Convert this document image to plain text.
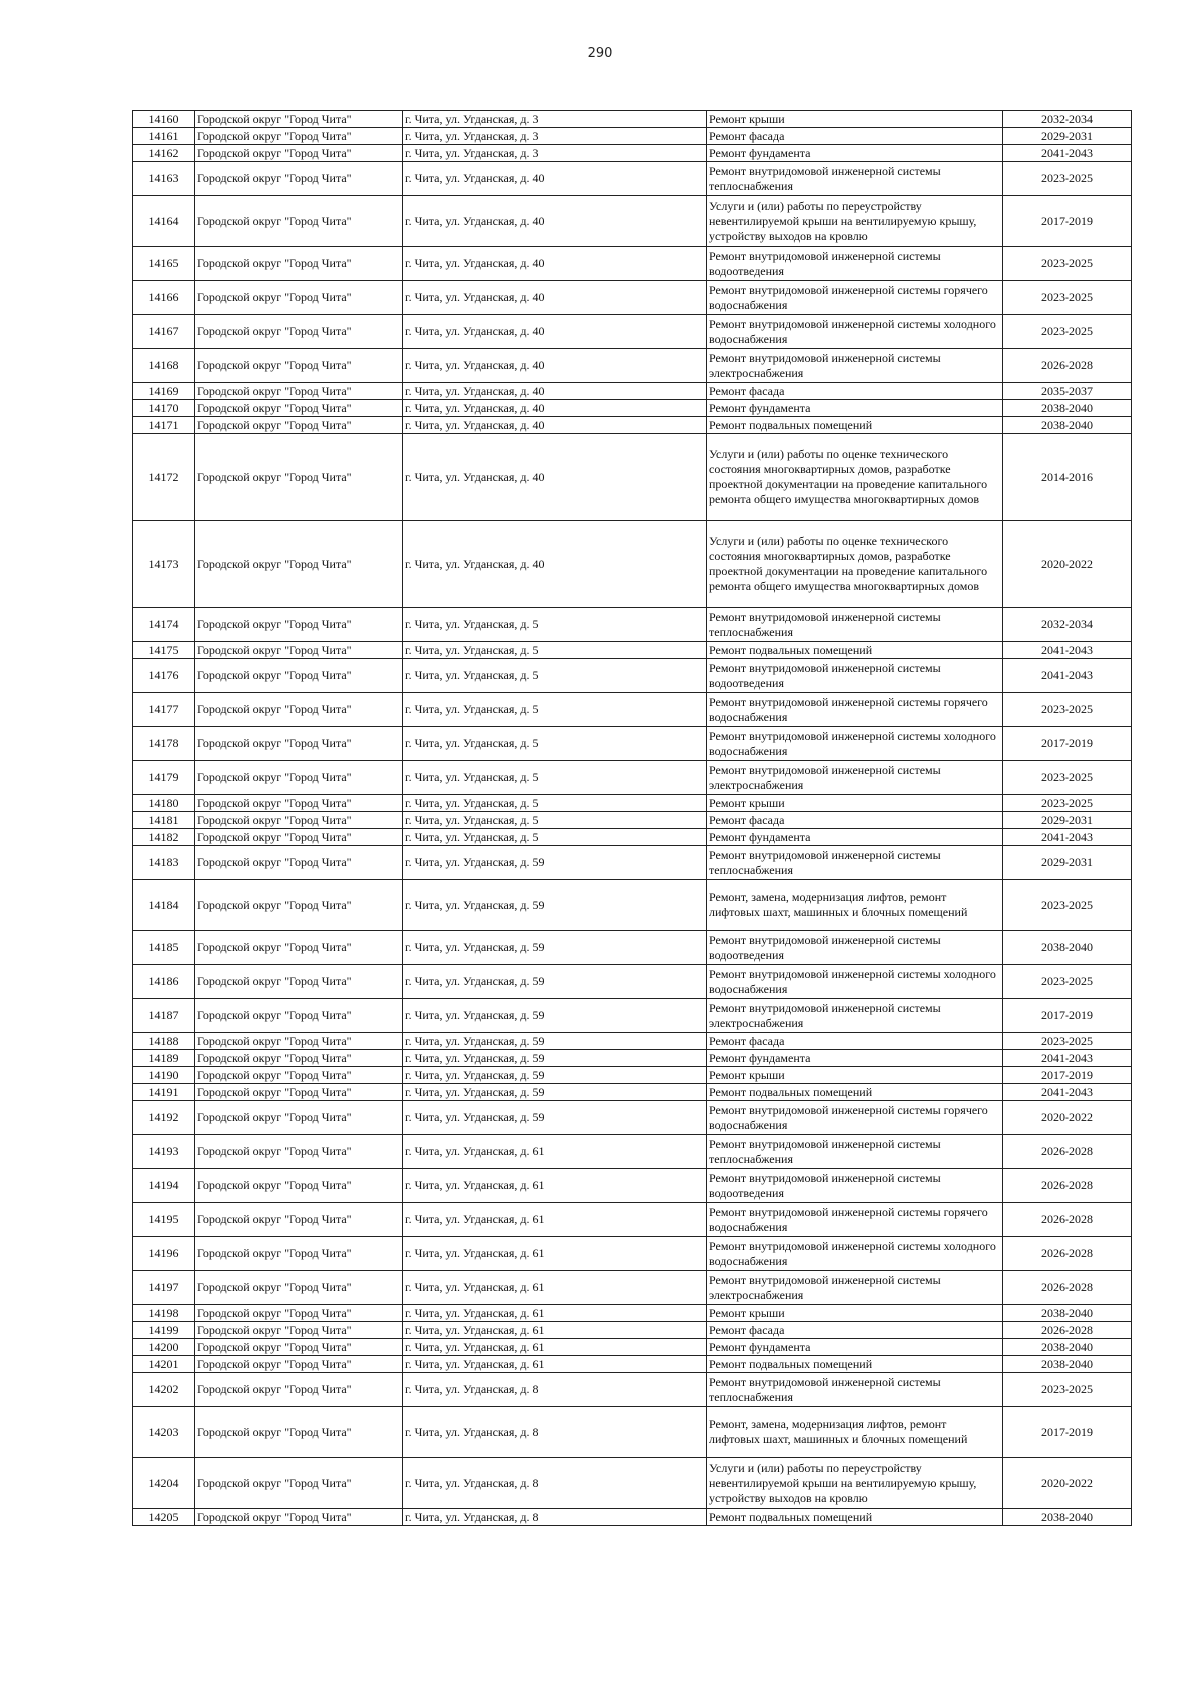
290
14160	Городской округ "Город Чита"	г. Чита, ул. Угданская, д. 3	Ремонт крыши	2032-2034
14161	Городской округ "Город Чита"	г. Чита, ул. Угданская, д. 3	Ремонт фасада	2029-2031
14162	Городской округ "Город Чита"	г. Чита, ул. Угданская, д. 3	Ремонт фундамента	2041-2043
14163	Городской округ "Город Чита"	г. Чита, ул. Угданская, д. 40	Ремонт внутридомовой инженерной системы теплоснабжения	2023-2025
14164	Городской округ "Город Чита"	г. Чита, ул. Угданская, д. 40	Услуги и (или) работы по переустройству невентилируемой крыши на вентилируемую крышу, устройству выходов на кровлю	2017-2019
14165	Городской округ "Город Чита"	г. Чита, ул. Угданская, д. 40	Ремонт внутридомовой инженерной системы водоотведения	2023-2025
14166	Городской округ "Город Чита"	г. Чита, ул. Угданская, д. 40	Ремонт внутридомовой инженерной системы горячего водоснабжения	2023-2025
14167	Городской округ "Город Чита"	г. Чита, ул. Угданская, д. 40	Ремонт внутридомовой инженерной системы холодного водоснабжения	2023-2025
14168	Городской округ "Город Чита"	г. Чита, ул. Угданская, д. 40	Ремонт внутридомовой инженерной системы электроснабжения	2026-2028
14169	Городской округ "Город Чита"	г. Чита, ул. Угданская, д. 40	Ремонт фасада	2035-2037
14170	Городской округ "Город Чита"	г. Чита, ул. Угданская, д. 40	Ремонт фундамента	2038-2040
14171	Городской округ "Город Чита"	г. Чита, ул. Угданская, д. 40	Ремонт подвальных помещений	2038-2040
14172	Городской округ "Город Чита"	г. Чита, ул. Угданская, д. 40	Услуги и (или) работы по оценке технического состояния многоквартирных домов, разработке проектной документации на проведение капитального ремонта общего имущества многоквартирных домов	2014-2016
14173	Городской округ "Город Чита"	г. Чита, ул. Угданская, д. 40	Услуги и (или) работы по оценке технического состояния многоквартирных домов, разработке проектной документации на проведение капитального ремонта общего имущества многоквартирных домов	2020-2022
14174	Городской округ "Город Чита"	г. Чита, ул. Угданская, д. 5	Ремонт внутридомовой инженерной системы теплоснабжения	2032-2034
14175	Городской округ "Город Чита"	г. Чита, ул. Угданская, д. 5	Ремонт подвальных помещений	2041-2043
14176	Городской округ "Город Чита"	г. Чита, ул. Угданская, д. 5	Ремонт внутридомовой инженерной системы водоотведения	2041-2043
14177	Городской округ "Город Чита"	г. Чита, ул. Угданская, д. 5	Ремонт внутридомовой инженерной системы горячего водоснабжения	2023-2025
14178	Городской округ "Город Чита"	г. Чита, ул. Угданская, д. 5	Ремонт внутридомовой инженерной системы холодного водоснабжения	2017-2019
14179	Городской округ "Город Чита"	г. Чита, ул. Угданская, д. 5	Ремонт внутридомовой инженерной системы электроснабжения	2023-2025
14180	Городской округ "Город Чита"	г. Чита, ул. Угданская, д. 5	Ремонт крыши	2023-2025
14181	Городской округ "Город Чита"	г. Чита, ул. Угданская, д. 5	Ремонт фасада	2029-2031
14182	Городской округ "Город Чита"	г. Чита, ул. Угданская, д. 5	Ремонт фундамента	2041-2043
14183	Городской округ "Город Чита"	г. Чита, ул. Угданская, д. 59	Ремонт внутридомовой инженерной системы теплоснабжения	2029-2031
14184	Городской округ "Город Чита"	г. Чита, ул. Угданская, д. 59	Ремонт, замена, модернизация лифтов, ремонт лифтовых шахт, машинных и блочных помещений	2023-2025
14185	Городской округ "Город Чита"	г. Чита, ул. Угданская, д. 59	Ремонт внутридомовой инженерной системы водоотведения	2038-2040
14186	Городской округ "Город Чита"	г. Чита, ул. Угданская, д. 59	Ремонт внутридомовой инженерной системы холодного водоснабжения	2023-2025
14187	Городской округ "Город Чита"	г. Чита, ул. Угданская, д. 59	Ремонт внутридомовой инженерной системы электроснабжения	2017-2019
14188	Городской округ "Город Чита"	г. Чита, ул. Угданская, д. 59	Ремонт фасада	2023-2025
14189	Городской округ "Город Чита"	г. Чита, ул. Угданская, д. 59	Ремонт фундамента	2041-2043
14190	Городской округ "Город Чита"	г. Чита, ул. Угданская, д. 59	Ремонт крыши	2017-2019
14191	Городской округ "Город Чита"	г. Чита, ул. Угданская, д. 59	Ремонт подвальных помещений	2041-2043
14192	Городской округ "Город Чита"	г. Чита, ул. Угданская, д. 59	Ремонт внутридомовой инженерной системы горячего водоснабжения	2020-2022
14193	Городской округ "Город Чита"	г. Чита, ул. Угданская, д. 61	Ремонт внутридомовой инженерной системы теплоснабжения	2026-2028
14194	Городской округ "Город Чита"	г. Чита, ул. Угданская, д. 61	Ремонт внутридомовой инженерной системы водоотведения	2026-2028
14195	Городской округ "Город Чита"	г. Чита, ул. Угданская, д. 61	Ремонт внутридомовой инженерной системы горячего водоснабжения	2026-2028
14196	Городской округ "Город Чита"	г. Чита, ул. Угданская, д. 61	Ремонт внутридомовой инженерной системы холодного водоснабжения	2026-2028
14197	Городской округ "Город Чита"	г. Чита, ул. Угданская, д. 61	Ремонт внутридомовой инженерной системы электроснабжения	2026-2028
14198	Городской округ "Город Чита"	г. Чита, ул. Угданская, д. 61	Ремонт крыши	2038-2040
14199	Городской округ "Город Чита"	г. Чита, ул. Угданская, д. 61	Ремонт фасада	2026-2028
14200	Городской округ "Город Чита"	г. Чита, ул. Угданская, д. 61	Ремонт фундамента	2038-2040
14201	Городской округ "Город Чита"	г. Чита, ул. Угданская, д. 61	Ремонт подвальных помещений	2038-2040
14202	Городской округ "Город Чита"	г. Чита, ул. Угданская, д. 8	Ремонт внутридомовой инженерной системы теплоснабжения	2023-2025
14203	Городской округ "Город Чита"	г. Чита, ул. Угданская, д. 8	Ремонт, замена, модернизация лифтов, ремонт лифтовых шахт, машинных и блочных помещений	2017-2019
14204	Городской округ "Город Чита"	г. Чита, ул. Угданская, д. 8	Услуги и (или) работы по переустройству невентилируемой крыши на вентилируемую крышу, устройству выходов на кровлю	2020-2022
14205	Городской округ "Город Чита"	г. Чита, ул. Угданская, д. 8	Ремонт подвальных помещений	2038-2040
